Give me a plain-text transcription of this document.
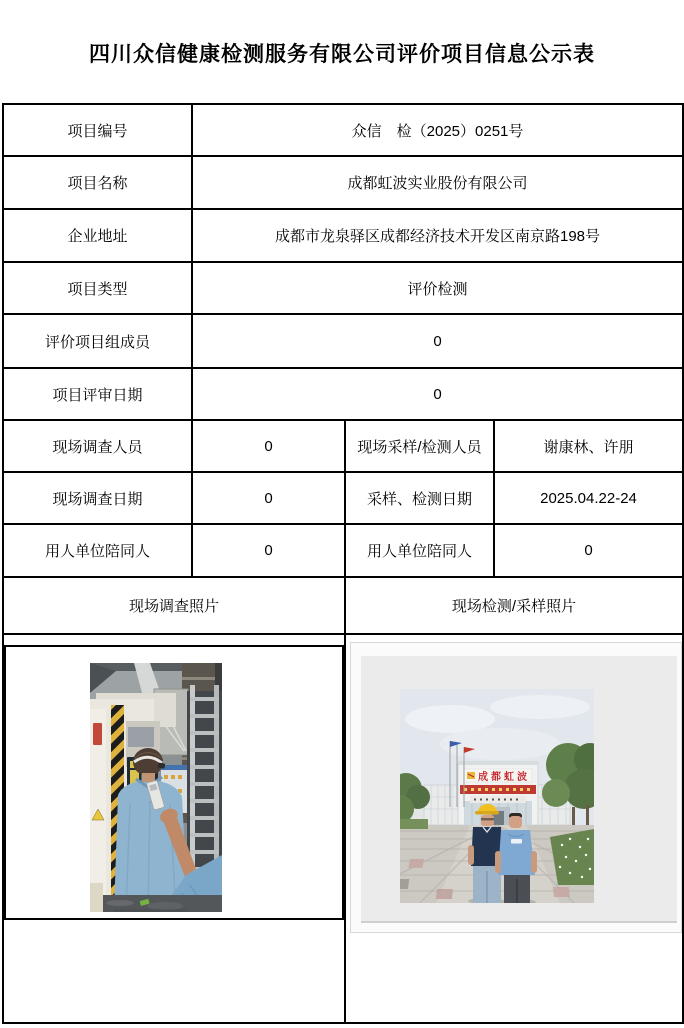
四川众信健康检测服务有限公司评价项目信息公示表
项目编号	众信　检（2025）0251号		
项目名称	成都虹波实业股份有限公司		
企业地址	成都市龙泉驿区成都经济技术开发区南京路198号		
项目类型	评价检测		
评价项目组成员	0		
项目评审日期	0		
现场调查人员	0	现场采样/检测人员	谢康林、许朋
现场调查日期	0	采样、检测日期	2025.04.22-24
用人单位陪同人	0	用人单位陪同人	0
现场调查照片		现场检测/采样照片	

成都虹波	
